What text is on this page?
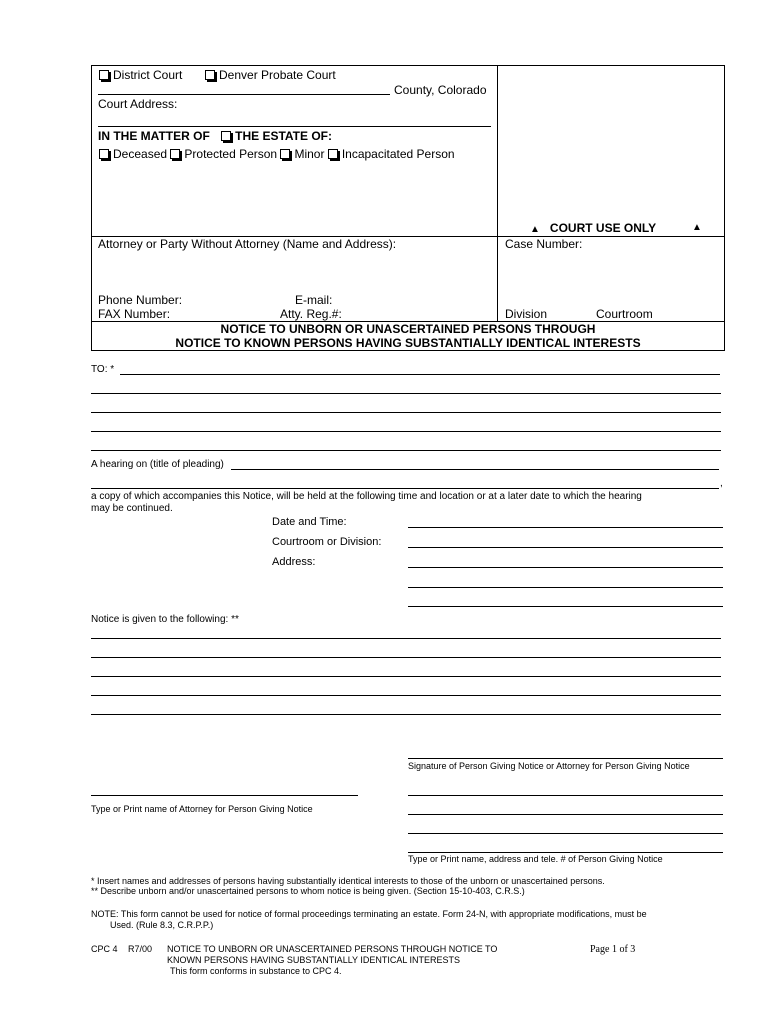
District Court	Denver Probate Court
County, Colorado
Court Address:
IN THE MATTER OF THE ESTATE OF:
Deceased Protected Person Minor Incapacitated Person
▲ COURT USE ONLY	▲
Attorney or Party Without Attorney (Name and Address):	Case Number:
Phone Number:	E-mail:
FAX Number:	Atty. Reg.#:	Division	Courtroom
NOTICE TO UNBORN OR UNASCERTAINED PERSONS THROUGH
NOTICE TO KNOWN PERSONS HAVING SUBSTANTIALLY IDENTICAL INTERESTS
TO: *
A hearing on (title of pleading)
,
a copy of which accompanies this Notice, will be held at the following time and location or at a later date to which the hearing
may be continued.
Date and Time:
Courtroom or Division:
Address:
Notice is given to the following: **
Signature of Person Giving Notice or Attorney for Person Giving Notice
Type or Print name of Attorney for Person Giving Notice
Type or Print name, address and tele. # of Person Giving Notice
* Insert names and addresses of persons having substantially identical interests to those of the unborn or unascertained persons.
** Describe unborn and/or unascertained persons to whom notice is being given. (Section 15-10-403, C.R.S.)
NOTE: This form cannot be used for notice of formal proceedings terminating an estate. Form 24-N, with appropriate modifications, must be
Used. (Rule 8.3, C.R.P.P.)
CPC 4 R7/00 NOTICE TO UNBORN OR UNASCERTAINED PERSONS THROUGH NOTICE TO
KNOWN PERSONS HAVING SUBSTANTIALLY IDENTICAL INTERESTS
This form conforms in substance to CPC 4.
Page 1 of 3
